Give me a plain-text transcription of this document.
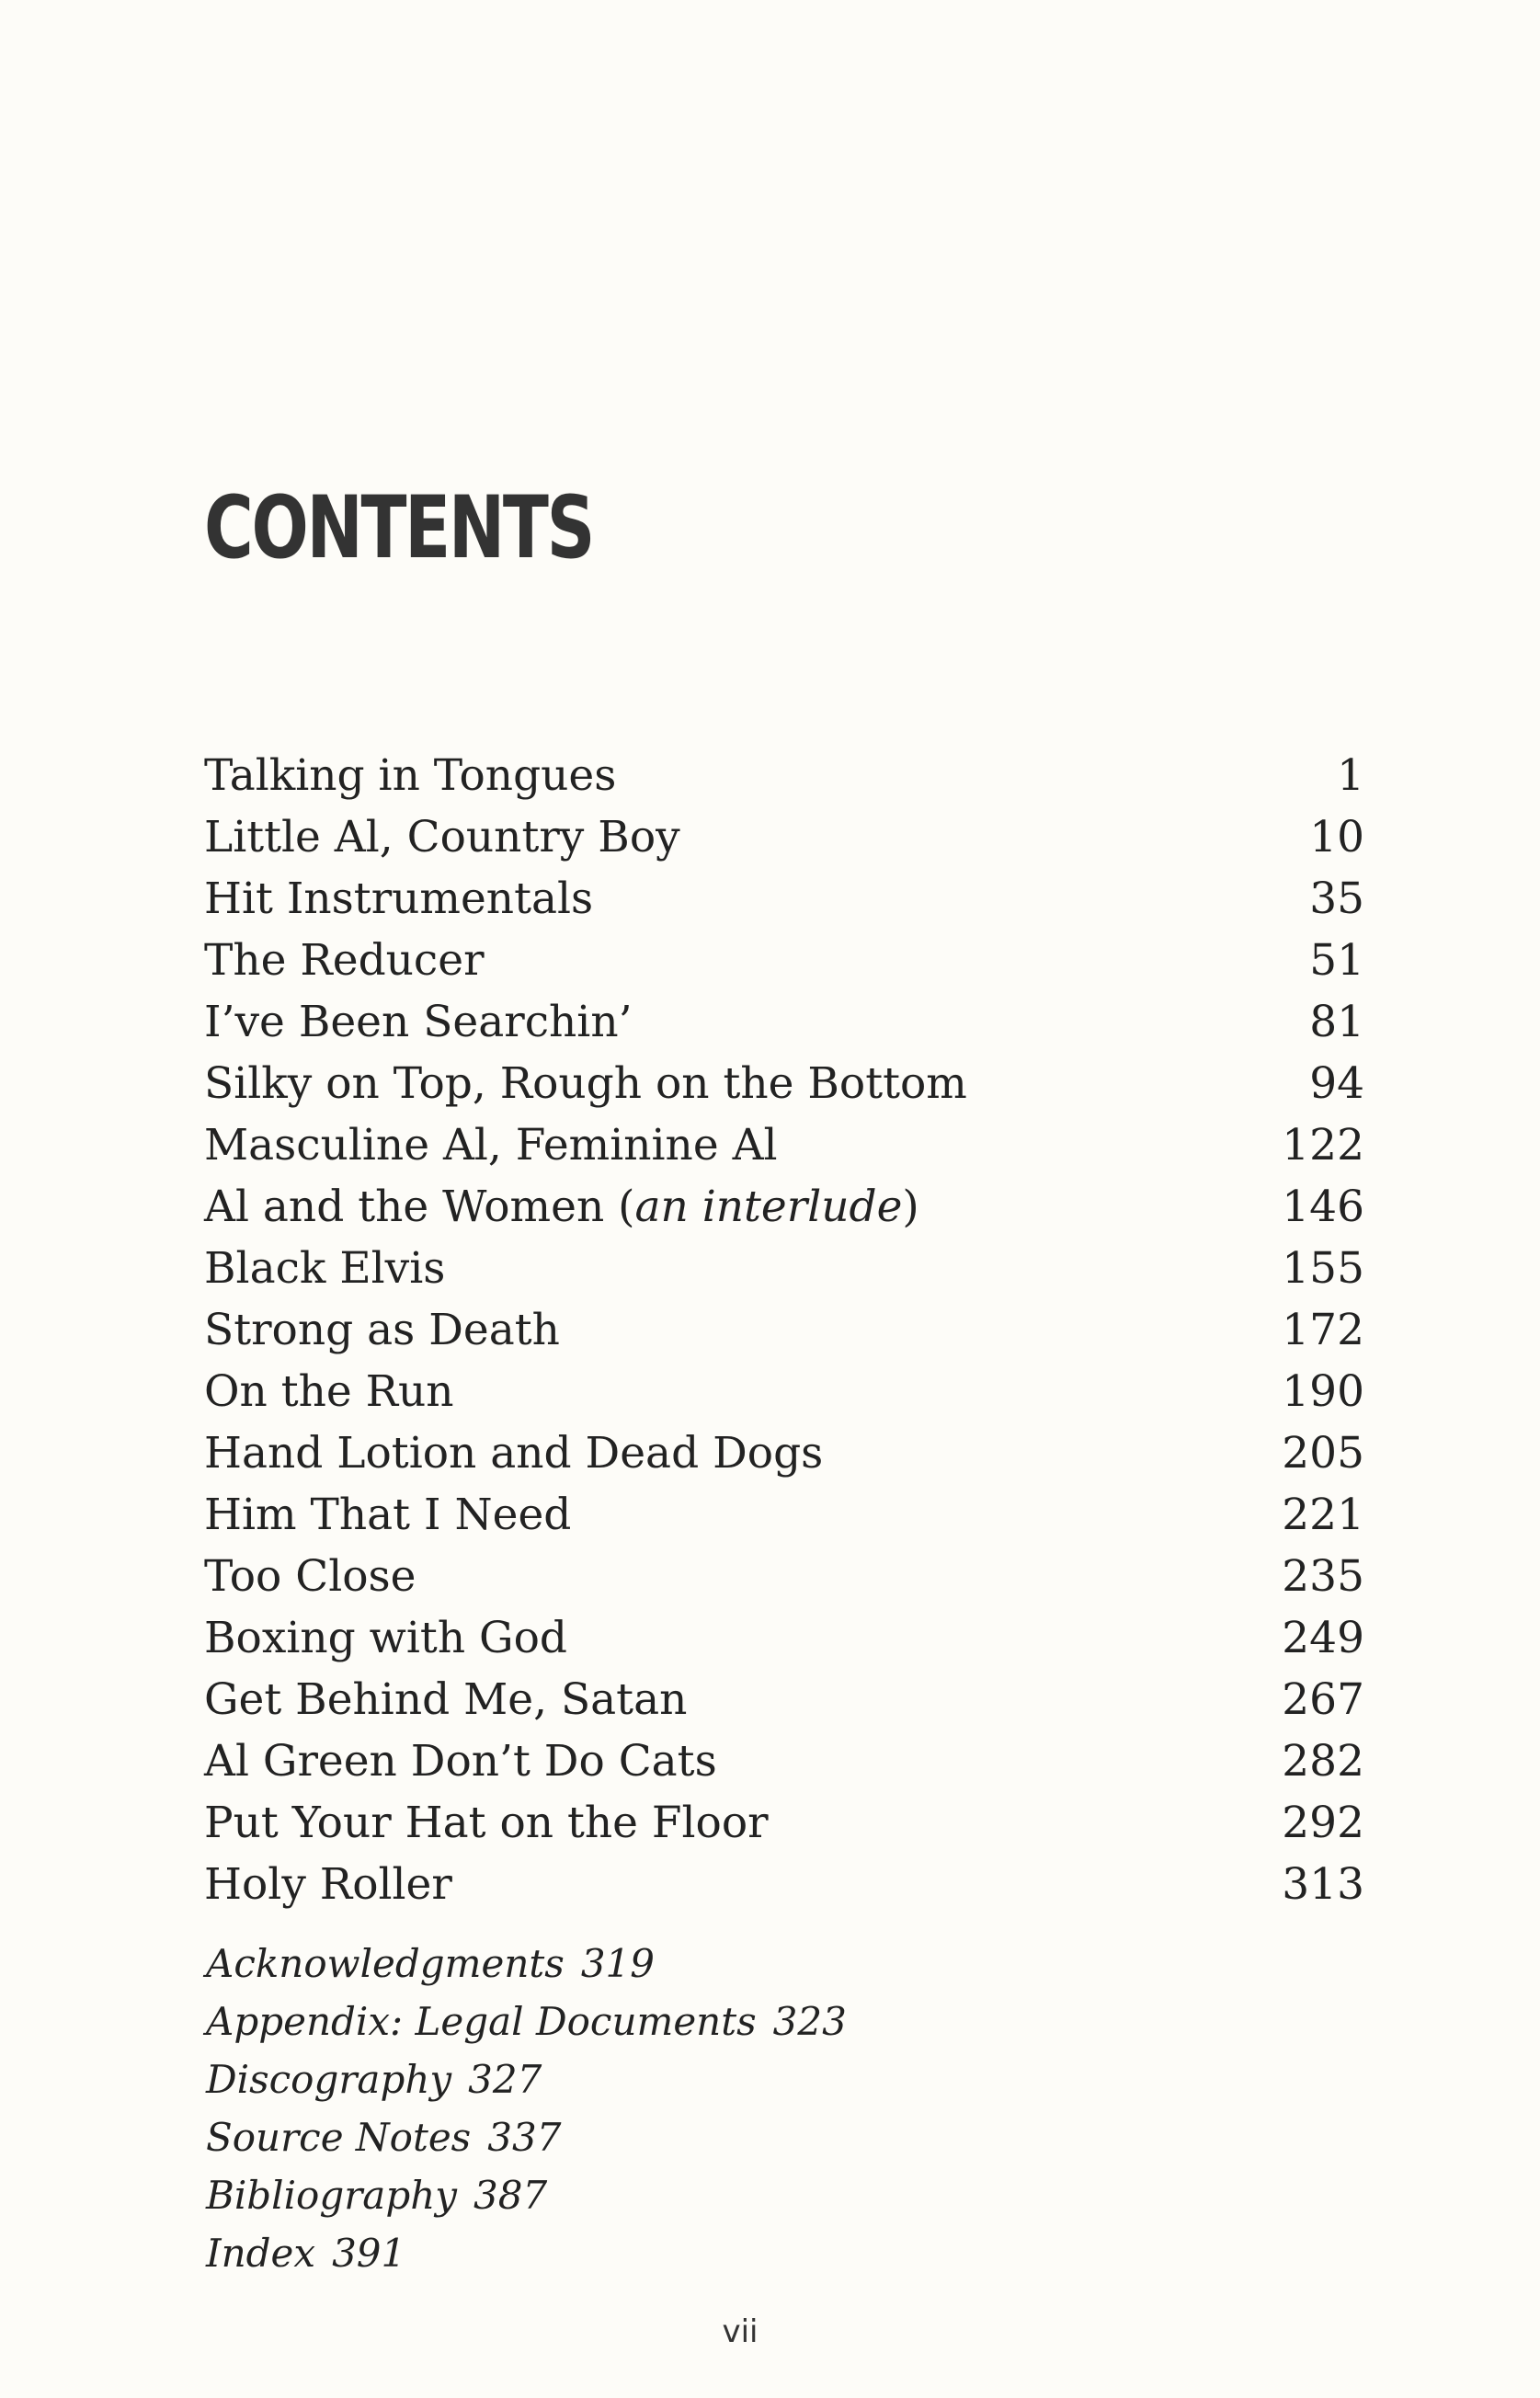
CONTENTS
Talking in Tongues	1
Little Al, Country Boy	10
Hit Instrumentals	35
The Reducer	51
I’ve Been Searchin’	81
Silky on Top, Rough on the Bottom	94
Masculine Al, Feminine Al	122
Al and the Women (an interlude)	146
Black Elvis	155
Strong as Death	172
On the Run	190
Hand Lotion and Dead Dogs	205
Him That I Need	221
Too Close	235
Boxing with God	249
Get Behind Me, Satan	267
Al Green Don’t Do Cats	282
Put Your Hat on the Floor	292
Holy Roller	313
Acknowledgments 319
Appendix: Legal Documents 323
Discography 327
Source Notes 337
Bibliography 387
Index 391
vii
